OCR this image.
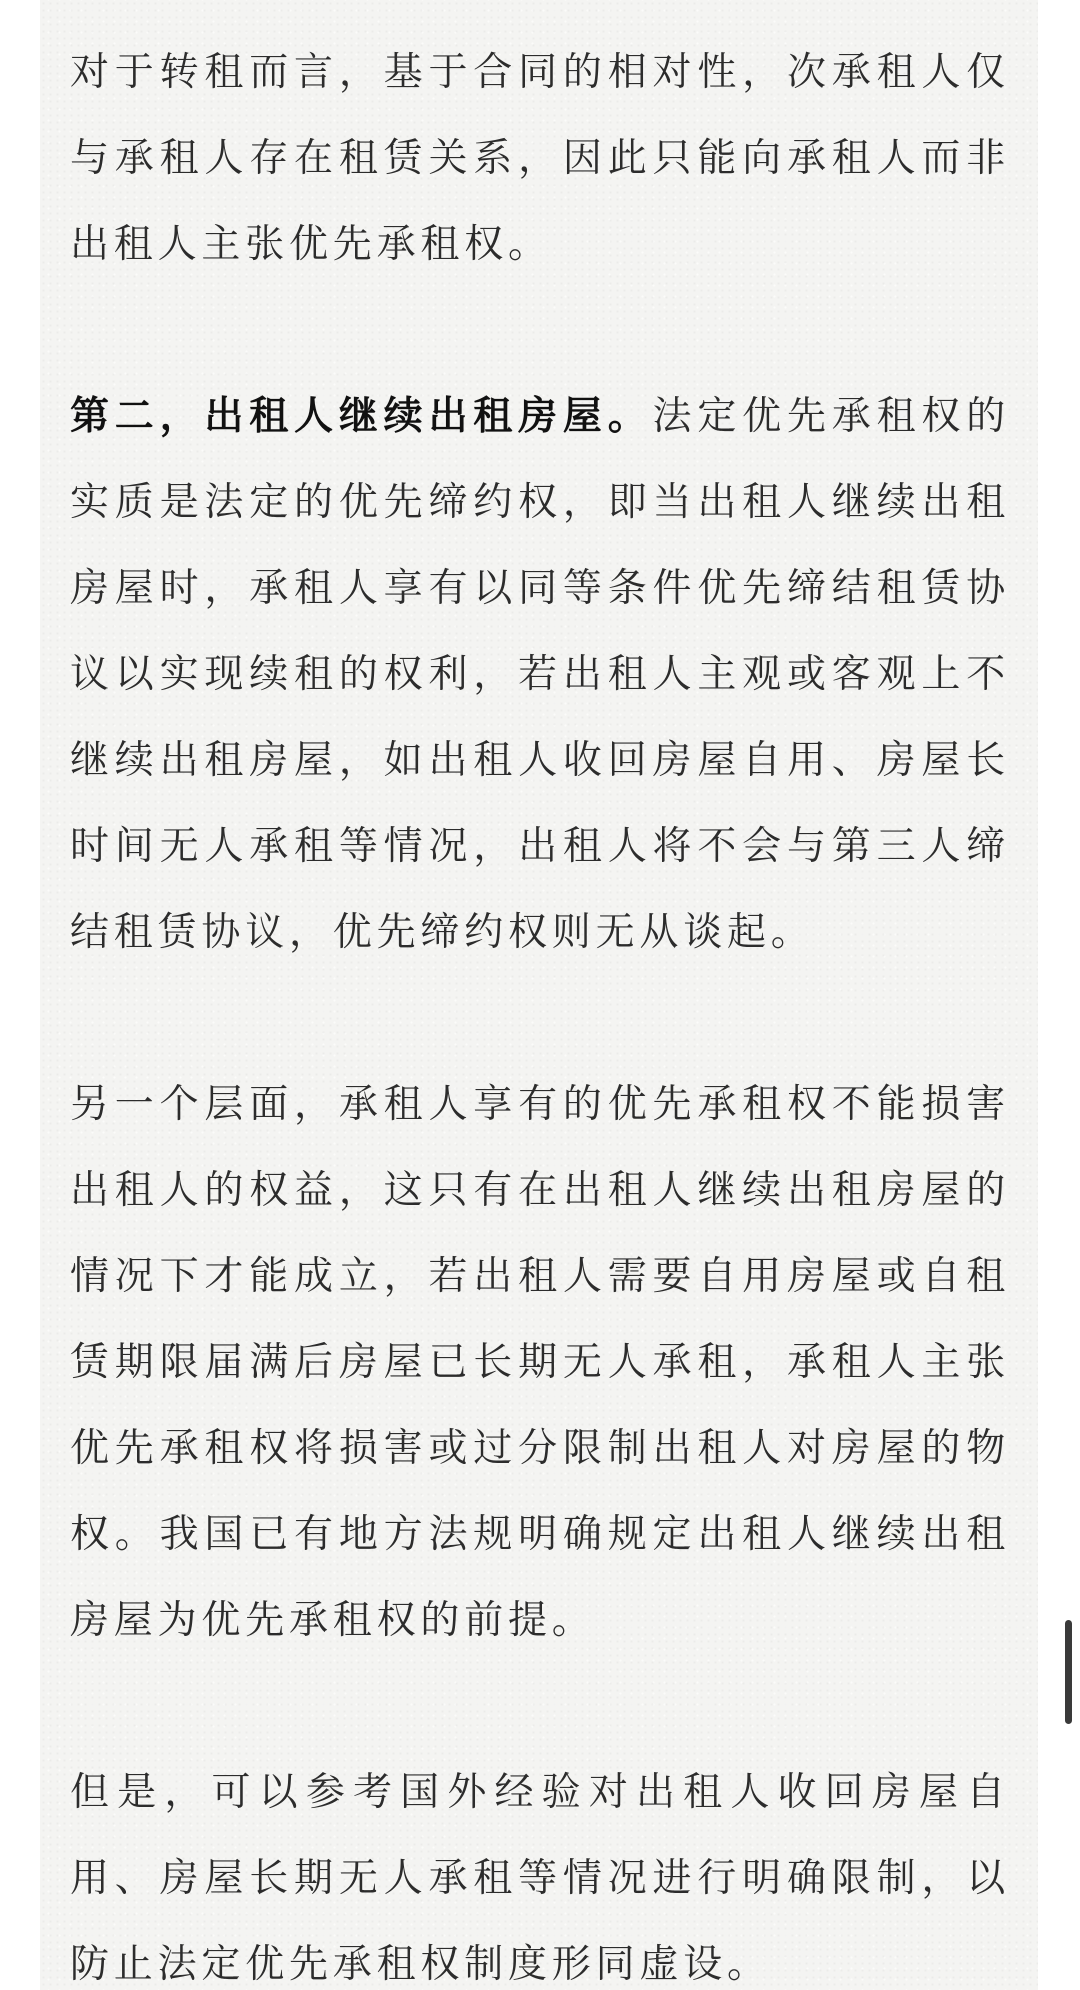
对于转租而言，基于合同的相对性，次承租人仅与承租人存在租赁关系，因此只能向承租人而非出租人主张优先承租权。

第二，出租人继续出租房屋。法定优先承租权的实质是法定的优先缔约权，即当出租人继续出租房屋时，承租人享有以同等条件优先缔结租赁协议以实现续租的权利，若出租人主观或客观上不继续出租房屋，如出租人收回房屋自用、房屋长时间无人承租等情况，出租人将不会与第三人缔结租赁协议，优先缔约权则无从谈起。

另一个层面，承租人享有的优先承租权不能损害出租人的权益，这只有在出租人继续出租房屋的情况下才能成立，若出租人需要自用房屋或自租赁期限届满后房屋已长期无人承租，承租人主张优先承租权将损害或过分限制出租人对房屋的物权。我国已有地方法规明确规定出租人继续出租房屋为优先承租权的前提。

但是，可以参考国外经验对出租人收回房屋自用、房屋长期无人承租等情况进行明确限制，以防止法定优先承租权制度形同虚设。
